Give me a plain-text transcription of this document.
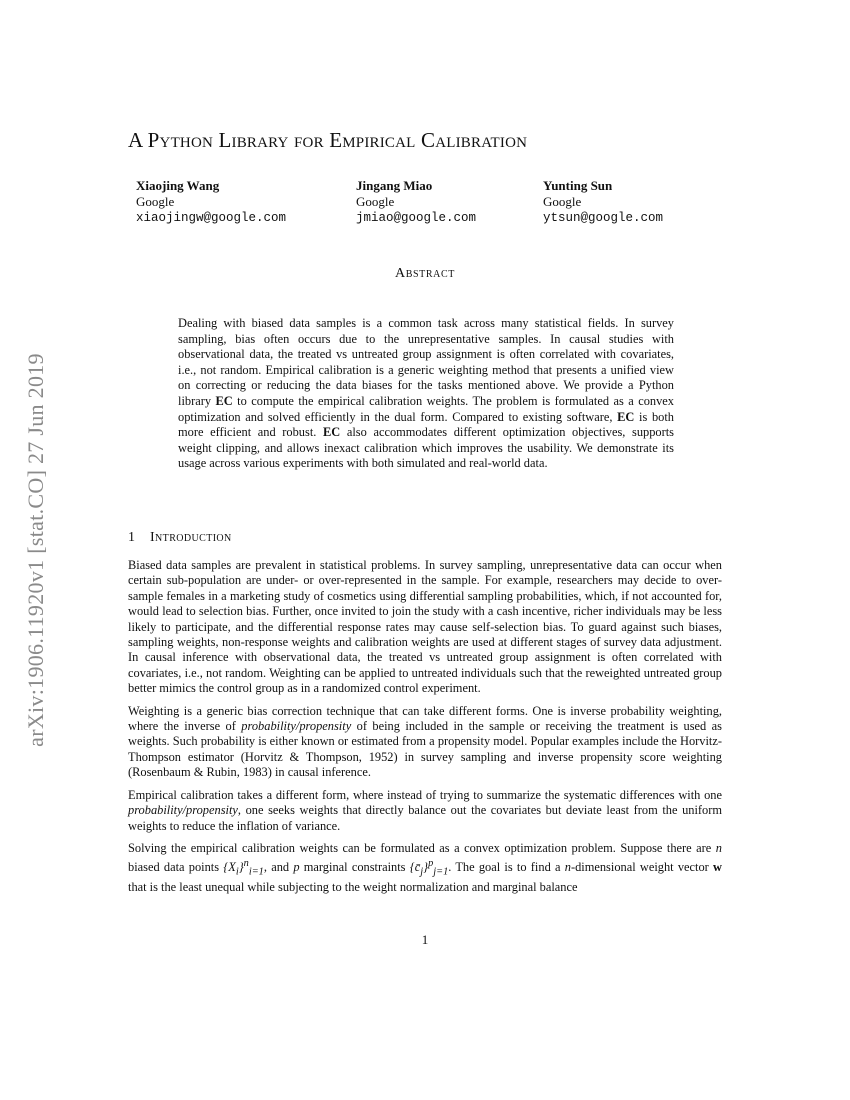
arXiv:1906.11920v1 [stat.CO] 27 Jun 2019
A Python Library for Empirical Calibration
Xiaojing Wang
Google
xiaojingw@google.com
Jingang Miao
Google
jmiao@google.com
Yunting Sun
Google
ytsun@google.com
Abstract
Dealing with biased data samples is a common task across many statistical fields. In survey sampling, bias often occurs due to the unrepresentative samples. In causal studies with observational data, the treated vs untreated group assignment is often correlated with covariates, i.e., not random. Empirical calibration is a generic weighting method that presents a unified view on correcting or reducing the data biases for the tasks mentioned above. We provide a Python library EC to compute the empirical calibration weights. The problem is formulated as a convex optimization and solved efficiently in the dual form. Compared to existing software, EC is both more efficient and robust. EC also accommodates different optimization objectives, supports weight clipping, and allows inexact calibration which improves the usability. We demonstrate its usage across various experiments with both simulated and real-world data.
1 Introduction

Biased data samples are prevalent in statistical problems. In survey sampling, unrepresentative data can occur when certain sub-population are under- or over-represented in the sample. For example, researchers may decide to over-sample females in a marketing study of cosmetics using differential sampling probabilities, which, if not accounted for, would lead to selection bias. Further, once invited to join the study with a cash incentive, richer individuals may be less likely to participate, and the differential response rates may cause self-selection bias. To guard against such biases, sampling weights, non-response weights and calibration weights are used at different stages of survey data adjustment. In causal inference with observational data, the treated vs untreated group assignment is often correlated with covariates, i.e., not random. Weighting can be applied to untreated individuals such that the reweighted untreated group better mimics the control group as in a randomized control experiment.

Weighting is a generic bias correction technique that can take different forms. One is inverse probability weighting, where the inverse of probability/propensity of being included in the sample or receiving the treatment is used as weights. Such probability is either known or estimated from a propensity model. Popular examples include the Horvitz-Thompson estimator (Horvitz & Thompson, 1952) in survey sampling and inverse propensity score weighting (Rosenbaum & Rubin, 1983) in causal inference.

Empirical calibration takes a different form, where instead of trying to summarize the systematic differences with one probability/propensity, one seeks weights that directly balance out the covariates but deviate least from the uniform weights to reduce the inflation of variance.

Solving the empirical calibration weights can be formulated as a convex optimization problem. Suppose there are n biased data points $\{X_i\}^n_{i=1}$, and p marginal constraints $\{c̄_j\}^p_{j=1}$. The goal is to find a n-dimensional weight vector w that is the least unequal while subjecting to the weight normalization and marginal balance

1
